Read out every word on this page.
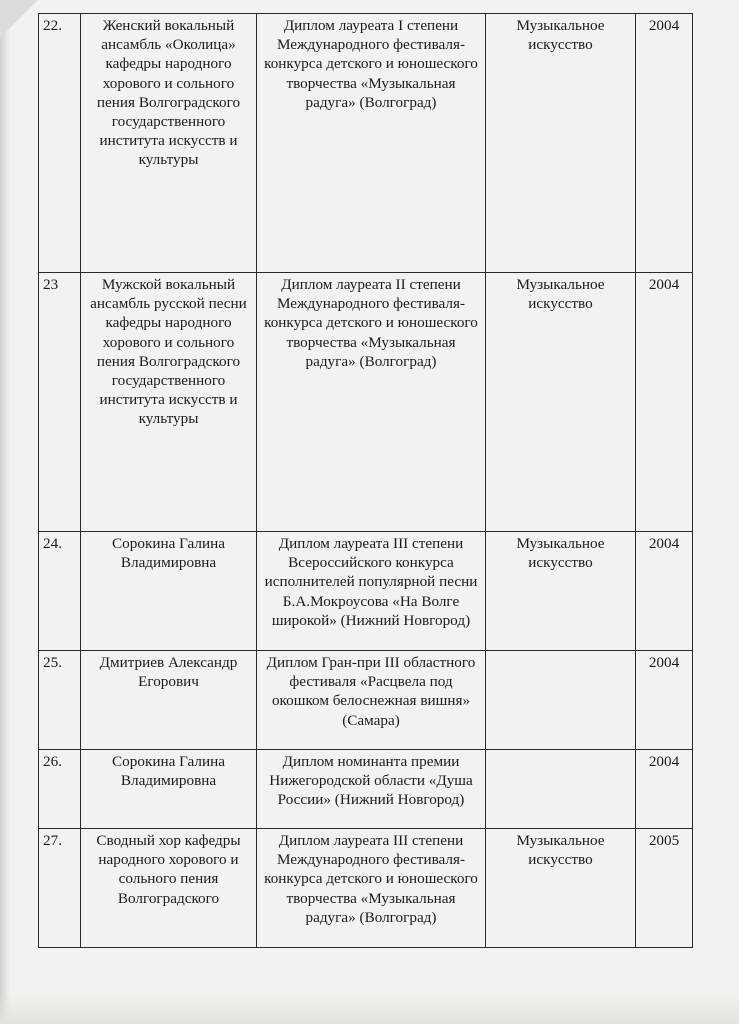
22.	Женский вокальный ансамбль «Околица» кафедры народного хорового и сольного пения Волгоградского государственного института искусств и культуры	Диплом лауреата I степени Международного фестиваля-конкурса детского и юношеского творчества «Музыкальная радуга» (Волгоград)	Музыкальное искусство	2004
23	Мужской вокальный ансамбль русской песни кафедры народного хорового и сольного пения Волгоградского государственного института искусств и культуры	Диплом лауреата II степени Международного фестиваля-конкурса детского и юношеского творчества «Музыкальная радуга» (Волгоград)	Музыкальное искусство	2004
24.	Сорокина Галина Владимировна	Диплом лауреата III степени Всероссийского конкурса исполнителей популярной песни Б.А.Мокроусова «На Волге широкой» (Нижний Новгород)	Музыкальное искусство	2004
25.	Дмитриев Александр Егорович	Диплом Гран-при III областного фестиваля «Расцвела под окошком белоснежная вишня» (Самара)		2004
26.	Сорокина Галина Владимировна	Диплом номинанта премии Нижегородской области «Душа России» (Нижний Новгород)		2004
27.	Сводный хор кафедры народного хорового и сольного пения Волгоградского	Диплом лауреата III степени Международного фестиваля-конкурса детского и юношеского творчества «Музыкальная радуга» (Волгоград)	Музыкальное искусство	2005
